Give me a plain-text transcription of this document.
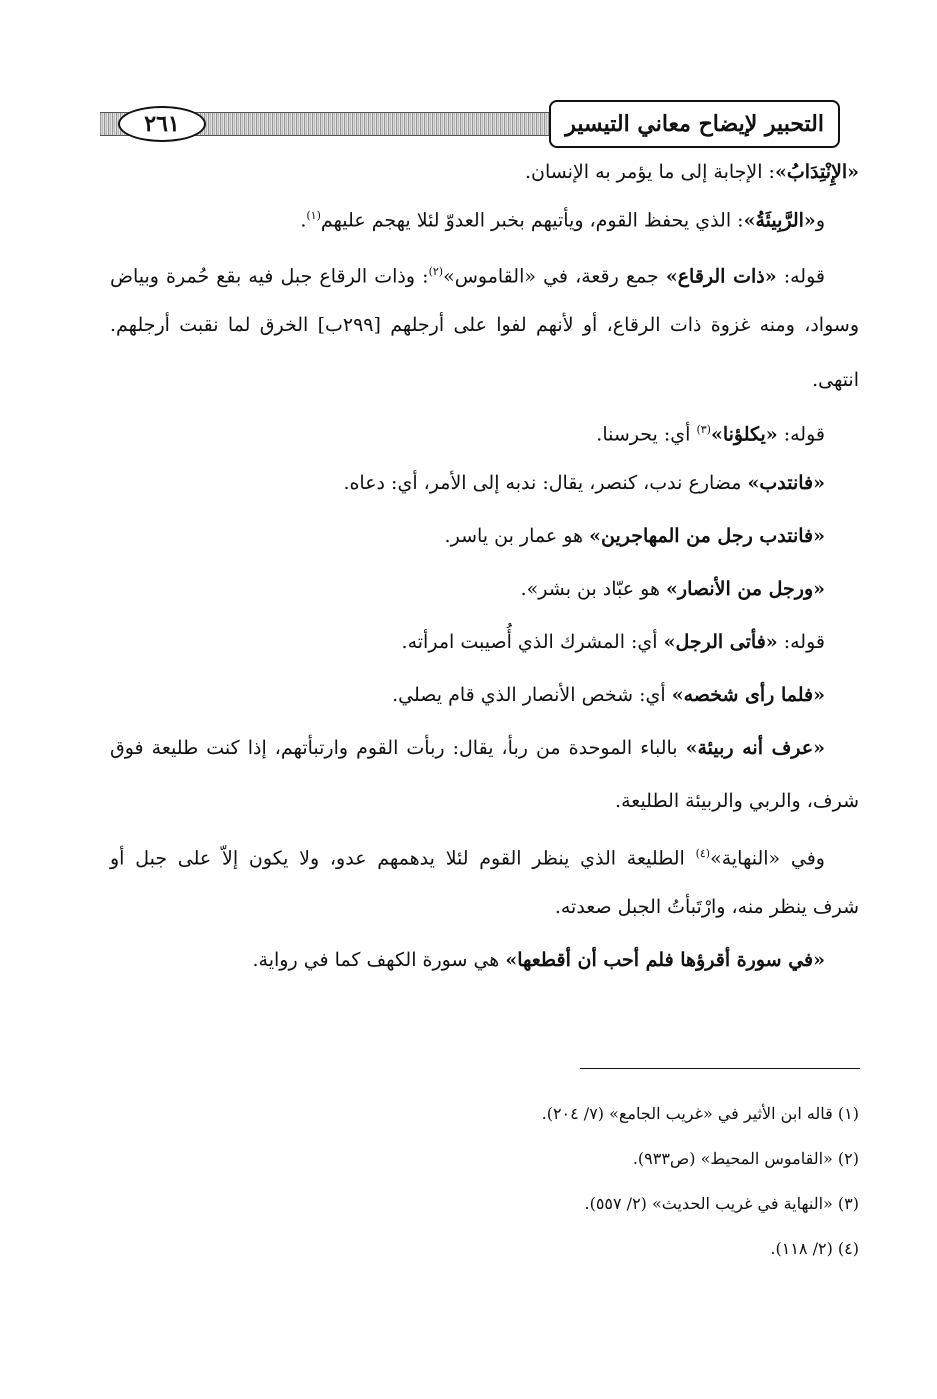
التحبير لإيضاح معاني التيسير
٢٦١
«الإِنْتِدَابُ»: الإجابة إلى ما يؤمر به الإنسان.
و«الرَّبِيئَةُ»: الذي يحفظ القوم، ويأتيهم بخبر العدوّ لئلا يهجم عليهم$^{(١)}$.
قوله: «ذات الرقاع» جمع رقعة، في «القاموس»$^{(٢)}$: وذات الرقاع جبل فيه بقع حُمرة وبياض
وسواد، ومنه غزوة ذات الرقاع، أو لأنهم لفوا على أرجلهم [٢٩٩ب] الخرق لما نقبت أرجلهم.
انتهى.
قوله: «يكلؤنا»$^{(٣)}$ أي: يحرسنا.
«فانتدب» مضارع ندب، كنصر، يقال: ندبه إلى الأمر، أي: دعاه.
«فانتدب رجل من المهاجرين» هو عمار بن ياسر.
«ورجل من الأنصار» هو عبّاد بن بشر».
قوله: «فأتى الرجل» أي: المشرك الذي أُصيبت امرأته.
«فلما رأى شخصه» أي: شخص الأنصار الذي قام يصلي.
«عرف أنه ربيئة» بالباء الموحدة من ربأ، يقال: ربأت القوم وارتبأتهم، إذا كنت طليعة فوق
شرف، والربي والربيئة الطليعة.
وفي «النهاية»$^{(٤)}$ الطليعة الذي ينظر القوم لئلا يدهمهم عدو، ولا يكون إلاّ على جبل أو
شرف ينظر منه، وارْتَبأتُ الجبل صعدته.
«في سورة أقرؤها فلم أحب أن أقطعها» هي سورة الكهف كما في رواية.
(١) قاله ابن الأثير في «غريب الجامع» (٧/ ٢٠٤).
(٢) «القاموس المحيط» (ص٩٣٣).
(٣) «النهاية في غريب الحديث» (٢/ ٥٥٧).
(٤) (٢/ ١١٨).
